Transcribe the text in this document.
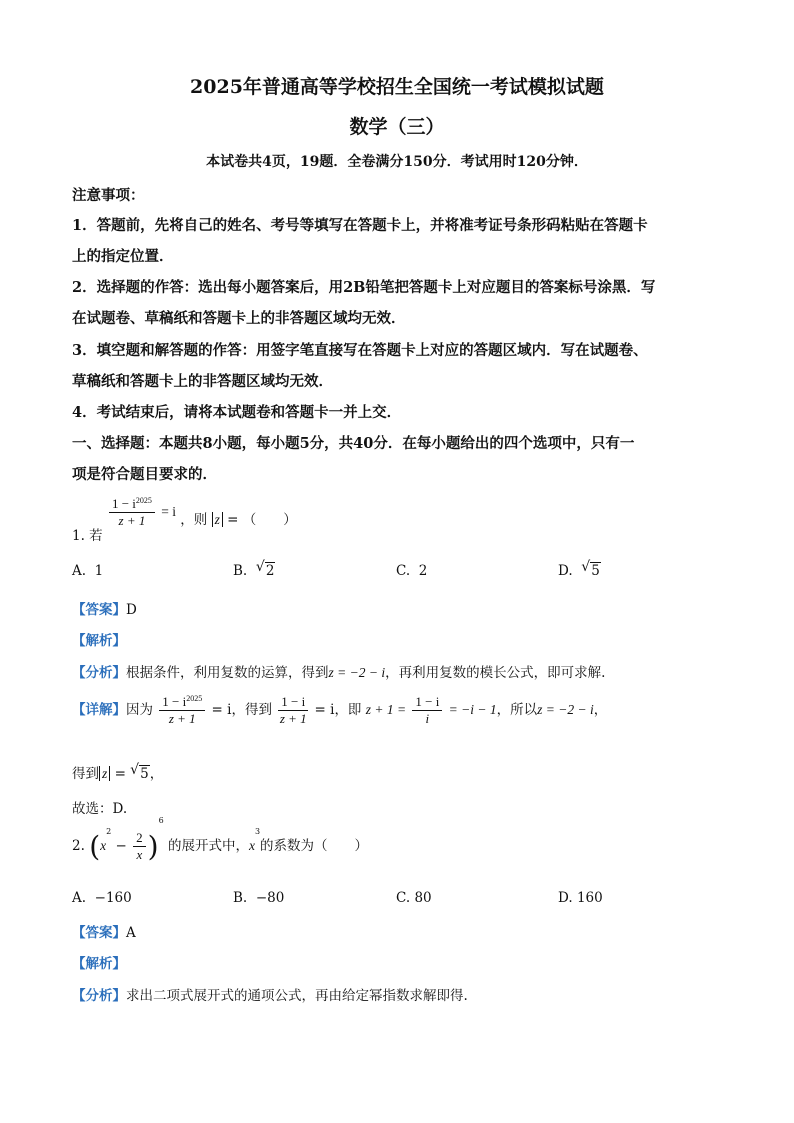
2025年普通高等学校招生全国统一考试模拟试题
数学（三）
本试卷共4页，19题．全卷满分150分．考试用时120分钟．
注意事项：
1．答题前，先将自己的姓名、考号等填写在答题卡上，并将准考证号条形码粘贴在答题卡
上的指定位置．
2．选择题的作答：选出每小题答案后，用2B铅笔把答题卡上对应题目的答案标号涂黑．写
在试题卷、草稿纸和答题卡上的非答题区域均无效．
3．填空题和解答题的作答：用签字笔直接写在答题卡上对应的答题区域内．写在试题卷、
草稿纸和答题卡上的非答题区域均无效．
4．考试结束后，请将本试题卷和答题卡一并上交．
一、选择题：本题共8小题，每小题5分，共40分．在每小题给出的四个选项中，只有一
项是符合题目要求的．
1. 若
$\frac{1 - i^{2025}}{z + 1} = i$ ，则 z = （　　）
A. 1	B. √ 2	C. 2	D. √ 5
【答案】D
【解析】
【分析】根据条件，利用复数的运算，得到z = −2 − i，再利用复数的模长公式，即可求解.
【详解】因为 $\frac{1 - i^{2025}}{z + 1} = i$，得到 $\frac{1 - i}{z + 1} = i$，即 $z + 1 = \frac{1 - i}{i} = -i - 1$，所以z = −2 − i，
得到 z = √ 5，
故选：D.
2. $(x^2 - \frac{2}{x} )^6$ 的展开式中，$x^3$的系数为（　　）
A. −160	B. −80	C. 80	D. 160
【答案】A
【解析】
【分析】求出二项式展开式的通项公式，再由给定幂指数求解即得.
